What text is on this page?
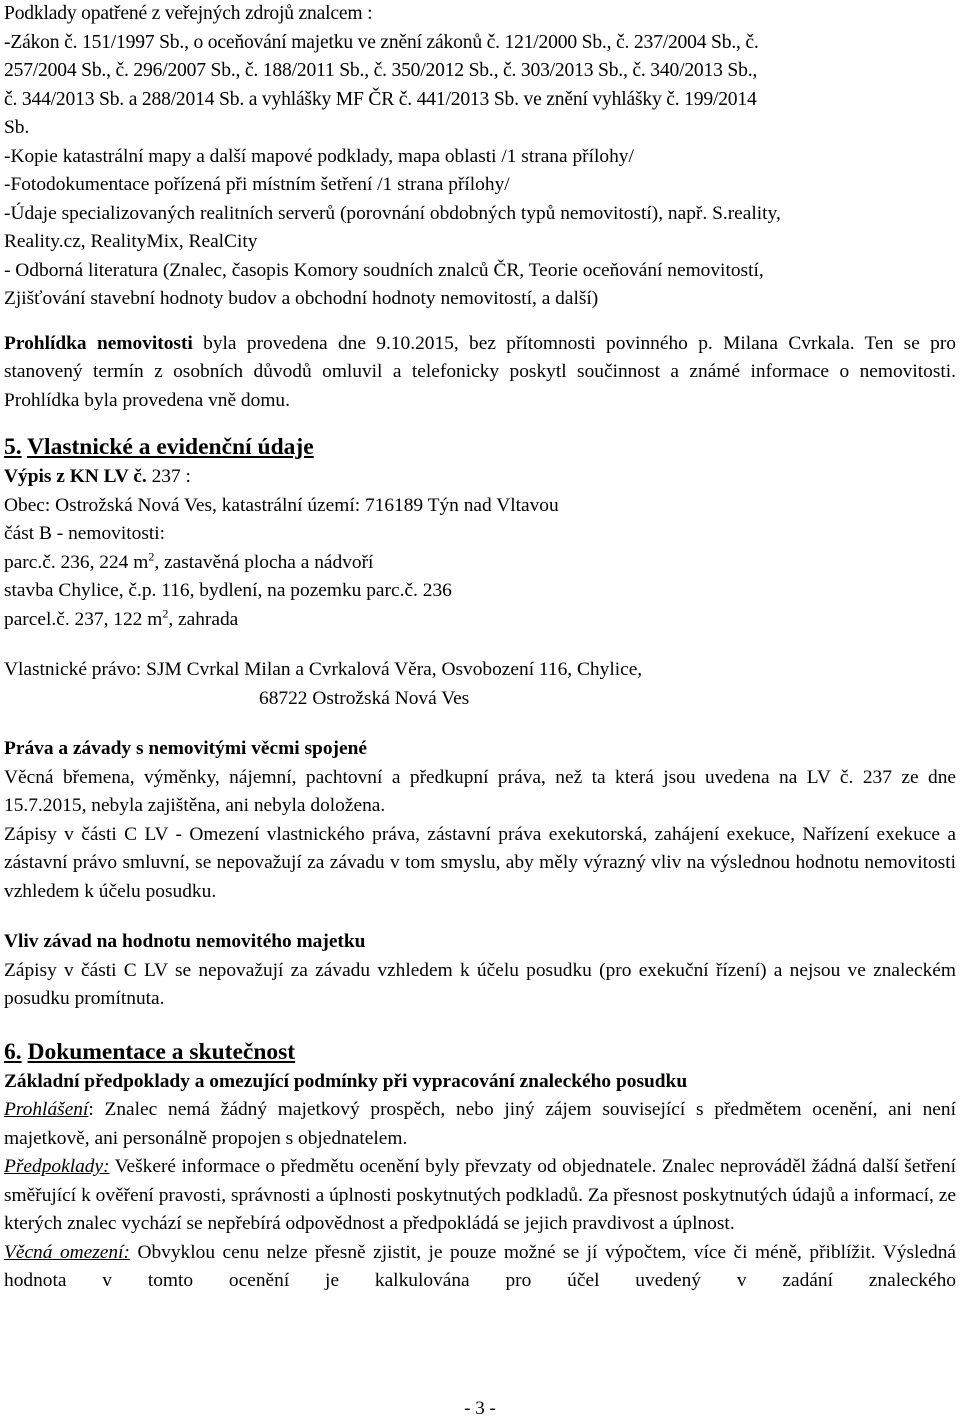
Podklady opatřené z veřejných zdrojů znalcem :
-Zákon č. 151/1997 Sb., o oceňování majetku ve znění zákonů č. 121/2000 Sb., č. 237/2004 Sb., č.
257/2004 Sb., č. 296/2007 Sb., č. 188/2011 Sb., č. 350/2012 Sb., č. 303/2013 Sb., č. 340/2013 Sb.,
č. 344/2013 Sb. a 288/2014 Sb. a vyhlášky MF ČR č. 441/2013 Sb. ve znění vyhlášky č. 199/2014
Sb.
-Kopie katastrální mapy a další mapové podklady, mapa oblasti /1 strana přílohy/
-Fotodokumentace pořízená při místním šetření /1 strana přílohy/
-Údaje specializovaných realitních serverů (porovnání obdobných typů nemovitostí), např. S.reality,
Reality.cz, RealityMix, RealCity
- Odborná literatura (Znalec, časopis Komory soudních znalců ČR, Teorie oceňování nemovitostí,
Zjišťování stavební hodnoty budov a obchodní hodnoty nemovitostí, a další)

Prohlídka nemovitosti byla provedena dne 9.10.2015, bez přítomnosti povinného p. Milana Cvrkala. Ten se pro stanovený termín z osobních důvodů omluvil a telefonicky poskytl součinnost a známé informace o nemovitosti. Prohlídka byla provedena vně domu.

5. Vlastnické a evidenční údaje
Výpis z KN LV č. 237 :
Obec: Ostrožská Nová Ves, katastrální území: 716189 Týn nad Vltavou
část B - nemovitosti:
parc.č. 236, 224 $m^2$, zastavěná plocha a nádvoří
stavba Chylice, č.p. 116, bydlení, na pozemku parc.č. 236
parcel.č. 237, 122 $m^2$, zahrada
Vlastnické právo: SJM Cvrkal Milan a Cvrkalová Věra, Osvobození 116, Chylice,
68722 Ostrožská Nová Ves
Práva a závady s nemovitými věcmi spojené

Věcná břemena, výměnky, nájemní, pachtovní a předkupní práva, než ta která jsou uvedena na LV č. 237 ze dne 15.7.2015, nebyla zajištěna, ani nebyla doložena.

Zápisy v části C LV - Omezení vlastnického práva, zástavní práva exekutorská, zahájení exekuce, Nařízení exekuce a zástavní právo smluvní, se nepovažují za závadu v tom smyslu, aby měly výrazný vliv na výslednou hodnotu nemovitosti vzhledem k účelu posudku.

Vliv závad na hodnotu nemovitého majetku

Zápisy v části C LV se nepovažují za závadu vzhledem k účelu posudku (pro exekuční řízení) a nejsou ve znaleckém posudku promítnuta.

6. Dokumentace a skutečnost
Základní předpoklady a omezující podmínky při vypracování znaleckého posudku

Prohlášení: Znalec nemá žádný majetkový prospěch, nebo jiný zájem související s předmětem ocenění, ani není majetkově, ani personálně propojen s objednatelem.

Předpoklady: Veškeré informace o předmětu ocenění byly převzaty od objednatele. Znalec neprováděl žádná další šetření směřující k ověření pravosti, správnosti a úplnosti poskytnutých podkladů. Za přesnost poskytnutých údajů a informací, ze kterých znalec vychází se nepřebírá odpovědnost a předpokládá se jejich pravdivost a úplnost.

Věcná omezení: Obvyklou cenu nelze přesně zjistit, je pouze možné se jí výpočtem, více či méně, přiblížit. Výsledná hodnota v tomto ocenění je kalkulována pro účel uvedený v zadání znaleckého

- 3 -
